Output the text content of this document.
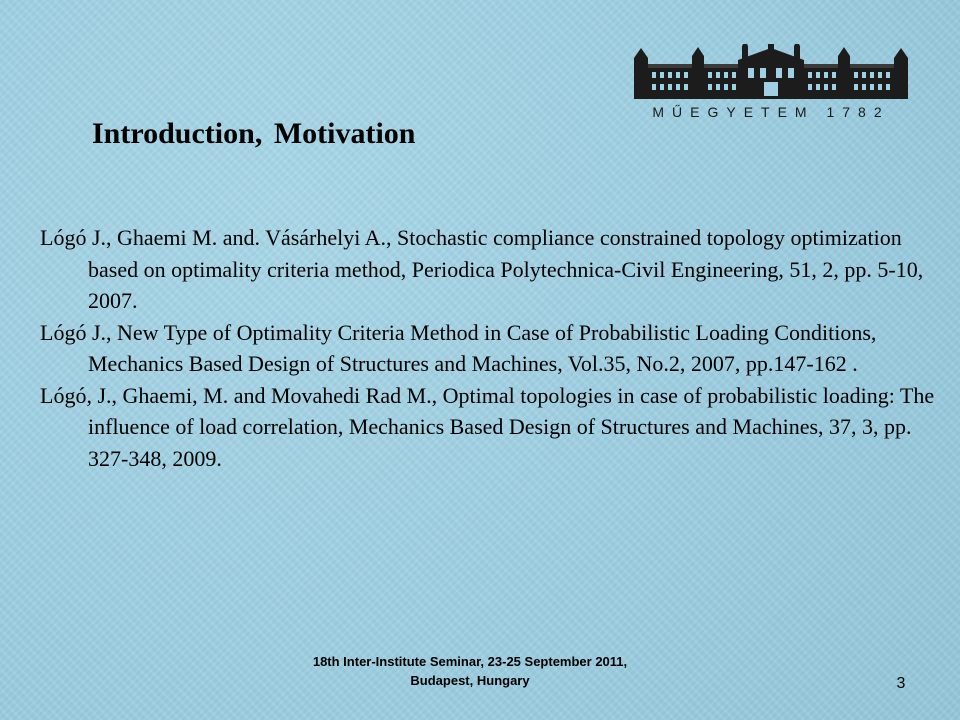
MŰEGYETEM 1782
Introduction, Motivation
Lógó J., Ghaemi M. and. Vásárhelyi A., Stochastic compliance constrained topology optimization based on optimality criteria method, Periodica Polytechnica-Civil Engineering, 51, 2, pp. 5-10, 2007.
Lógó J., New Type of Optimality Criteria Method in Case of Probabilistic Loading Conditions, Mechanics Based Design of Structures and Machines, Vol.35, No.2, 2007, pp.147-162 .
Lógó, J., Ghaemi, M. and Movahedi Rad M., Optimal topologies in case of probabilistic loading: The influence of load correlation, Mechanics Based Design of Structures and Machines, 37, 3, pp. 327-348, 2009.
18th Inter-Institute Seminar, 23-25 September 2011,
Budapest, Hungary	3
